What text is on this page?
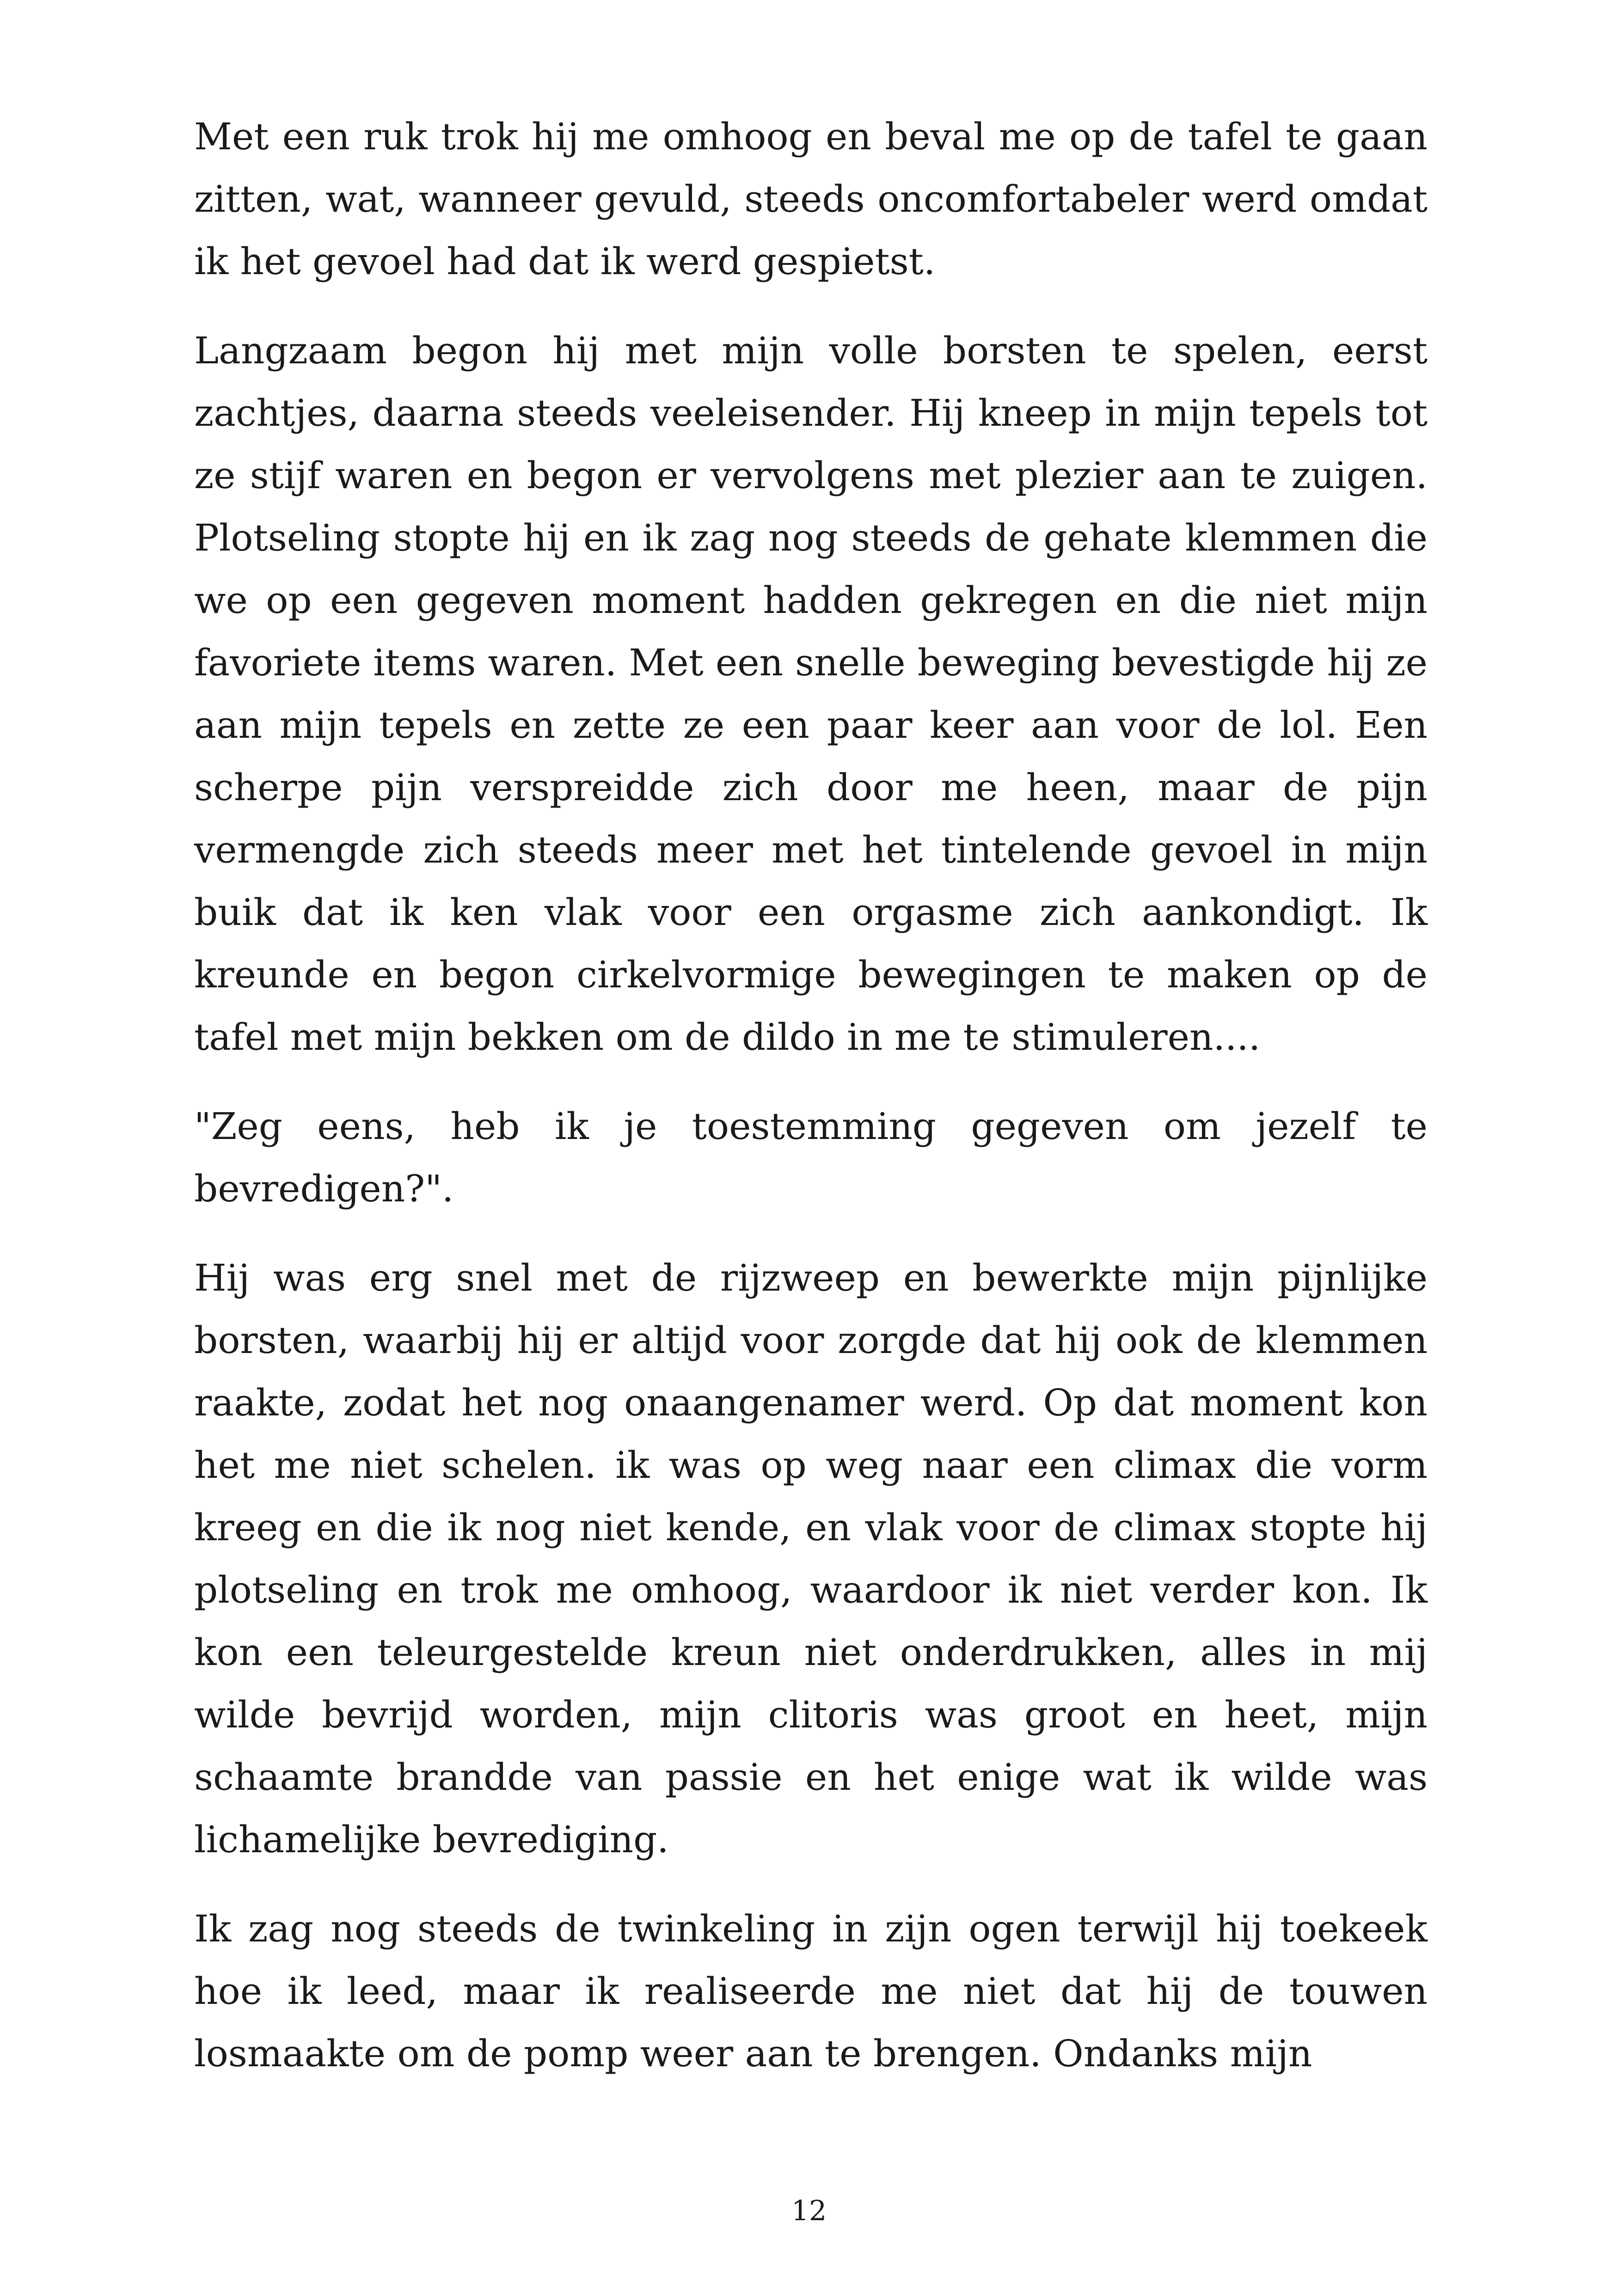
Met een ruk trok hij me omhoog en beval me op de tafel te gaan zitten, wat, wanneer gevuld, steeds oncomfortabeler werd omdat ik het gevoel had dat ik werd gespietst.

Langzaam begon hij met mijn volle borsten te spelen, eerst zachtjes, daarna steeds veeleisender. Hij kneep in mijn tepels tot ze stijf waren en begon er vervolgens met plezier aan te zuigen. Plotseling stopte hij en ik zag nog steeds de gehate klemmen die we op een gegeven moment hadden gekregen en die niet mijn favoriete items waren. Met een snelle beweging bevestigde hij ze aan mijn tepels en zette ze een paar keer aan voor de lol. Een scherpe pijn verspreidde zich door me heen, maar de pijn vermengde zich steeds meer met het tintelende gevoel in mijn buik dat ik ken vlak voor een orgasme zich aankondigt. Ik kreunde en begon cirkelvormige bewegingen te maken op de tafel met mijn bekken om de dildo in me te stimuleren....

"Zeg eens, heb ik je toestemming gegeven om jezelf te bevredigen?".

Hij was erg snel met de rijzweep en bewerkte mijn pijnlijke borsten, waarbij hij er altijd voor zorgde dat hij ook de klemmen raakte, zodat het nog onaangenamer werd. Op dat moment kon het me niet schelen. ik was op weg naar een climax die vorm kreeg en die ik nog niet kende, en vlak voor de climax stopte hij plotseling en trok me omhoog, waardoor ik niet verder kon. Ik kon een teleurgestelde kreun niet onderdrukken, alles in mij wilde bevrijd worden, mijn clitoris was groot en heet, mijn schaamte brandde van passie en het enige wat ik wilde was lichamelijke bevrediging.

Ik zag nog steeds de twinkeling in zijn ogen terwijl hij toekeek hoe ik leed, maar ik realiseerde me niet dat hij de touwen losmaakte om de pomp weer aan te brengen. Ondanks mijn

12
